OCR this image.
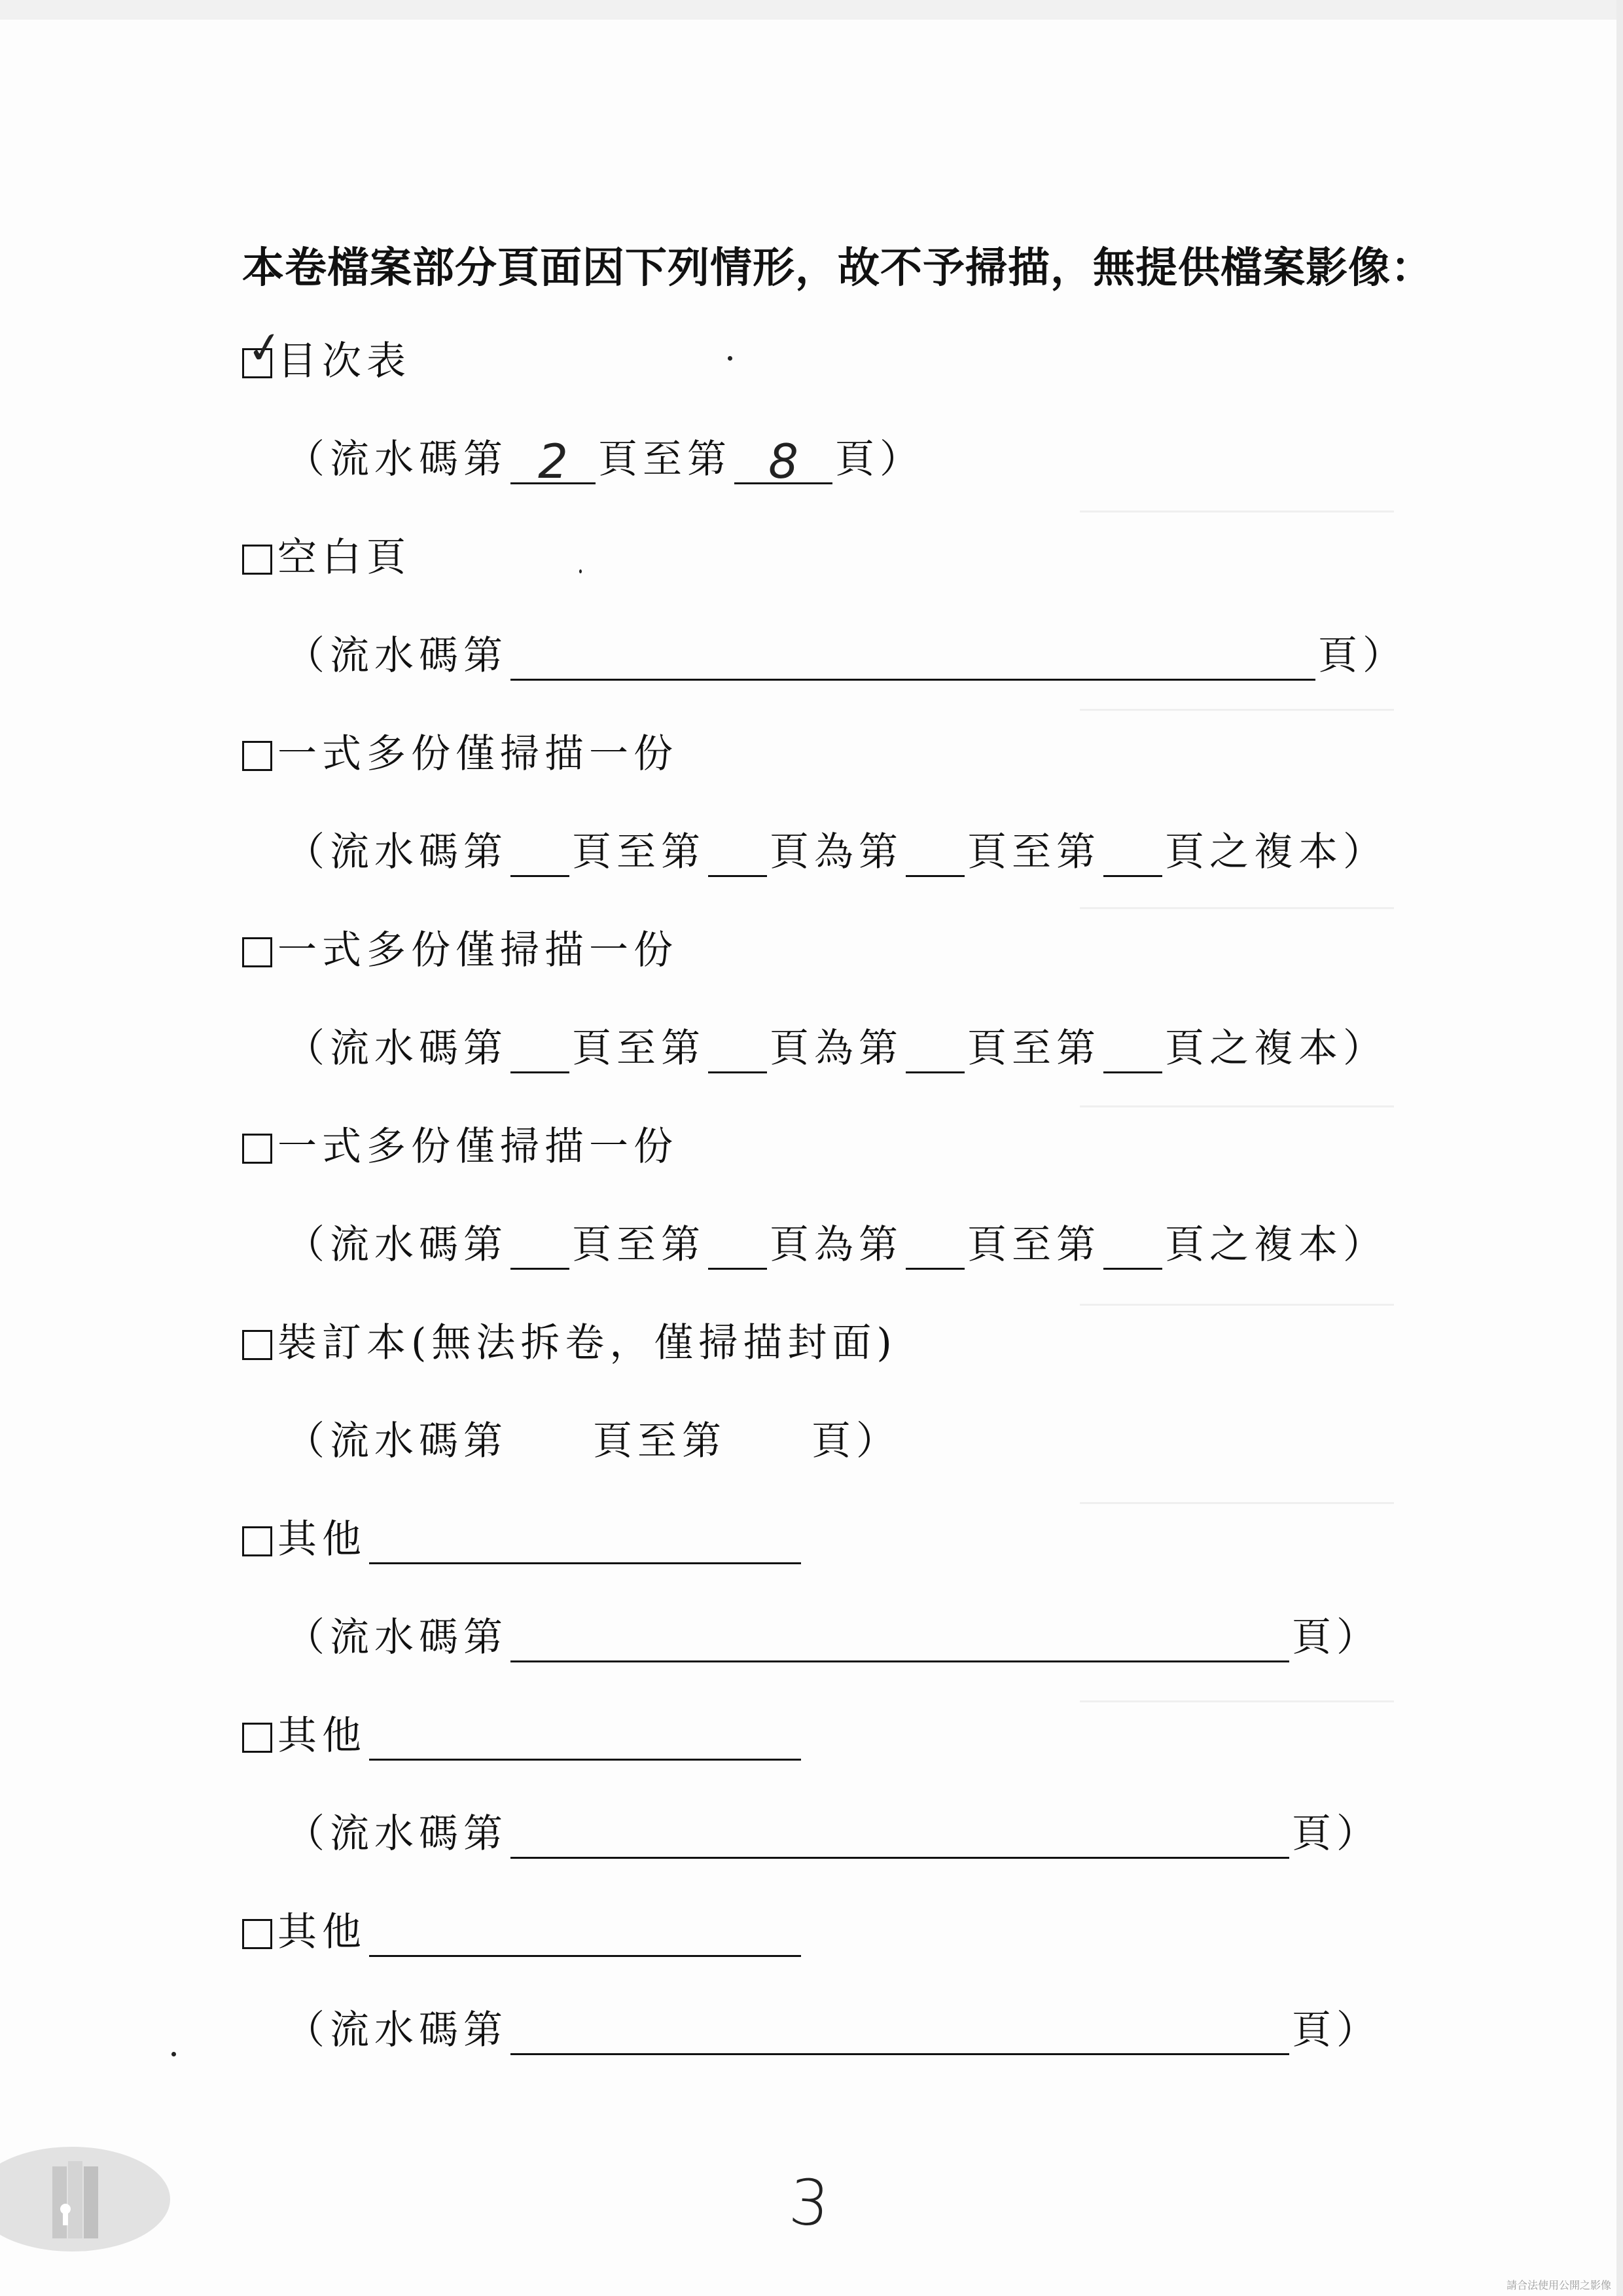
本卷檔案部分頁面因下列情形，故不予掃描，無提供檔案影像：
✓
目次表
（流水碼第 2 頁至第 8 頁）
空白頁
（流水碼第	頁）
一式多份僅掃描一份
（流水碼第 頁至第 頁為第 頁至第 頁之複本）
一式多份僅掃描一份
（流水碼第 頁至第 頁為第 頁至第 頁之複本）
一式多份僅掃描一份
（流水碼第 頁至第 頁為第 頁至第 頁之複本）
裝訂本(無法拆卷，僅掃描封面)
（流水碼第 頁至第 頁）
其他
（流水碼第	頁）
其他
（流水碼第	頁）
其他
（流水碼第	頁）
3
請合法使用公開之影像
